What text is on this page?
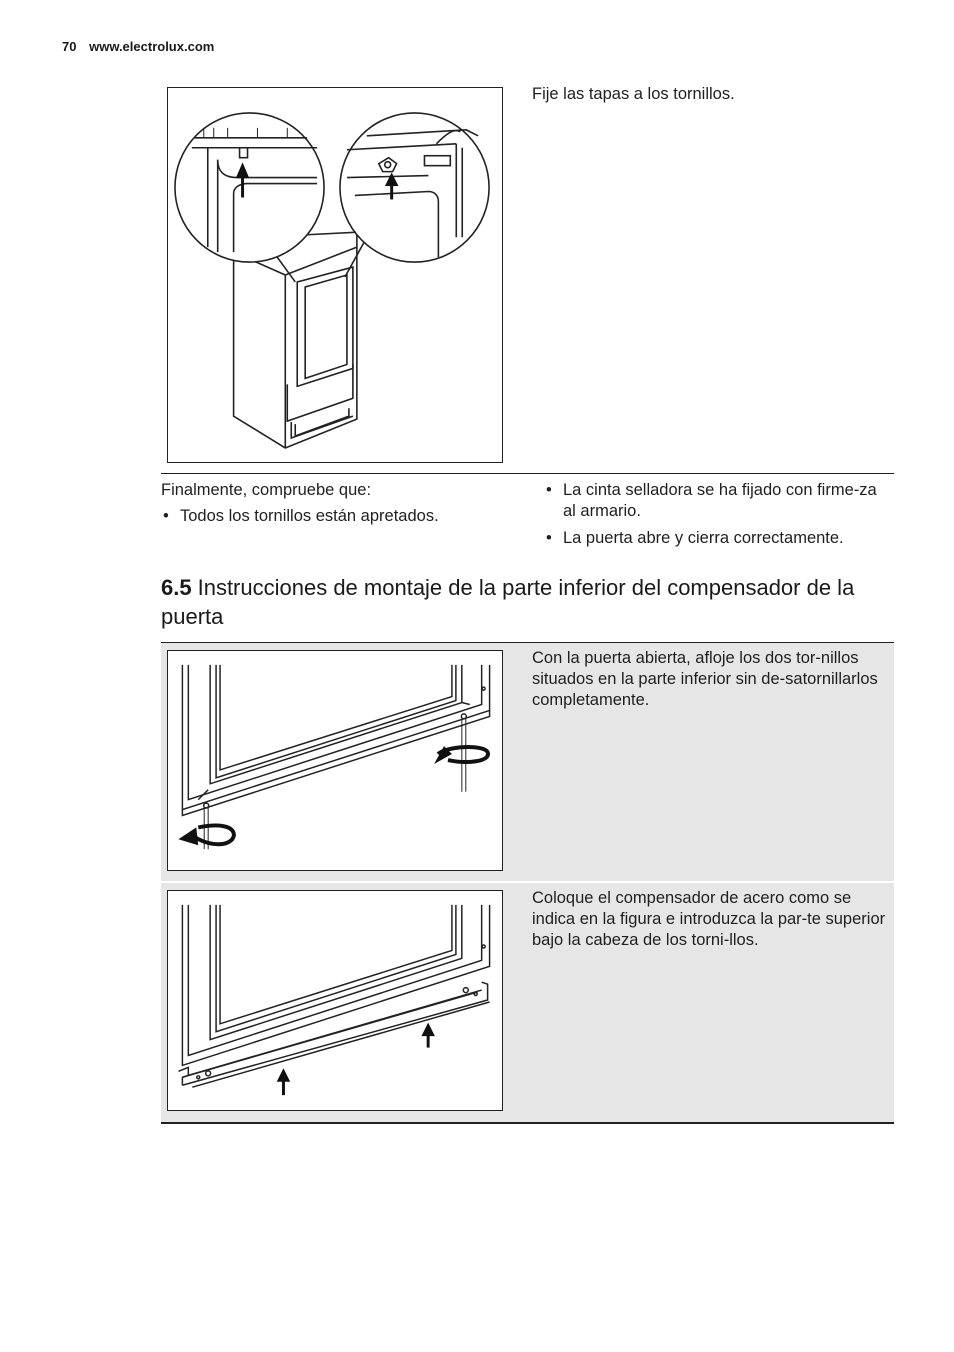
70 www.electrolux.com
Fije las tapas a los tornillos.
Finalmente, compruebe que:
• Todos los tornillos están apretados.
• La cinta selladora se ha fijado con firme-za al armario.
• La puerta abre y cierra correctamente.
6.5 Instrucciones de montaje de la parte inferior del compensador de la puerta
Con la puerta abierta, afloje los dos tor-nillos situados en la parte inferior sin de-satornillarlos completamente.
Coloque el compensador de acero como se indica en la figura e introduzca la par-te superior bajo la cabeza de los torni-llos.
